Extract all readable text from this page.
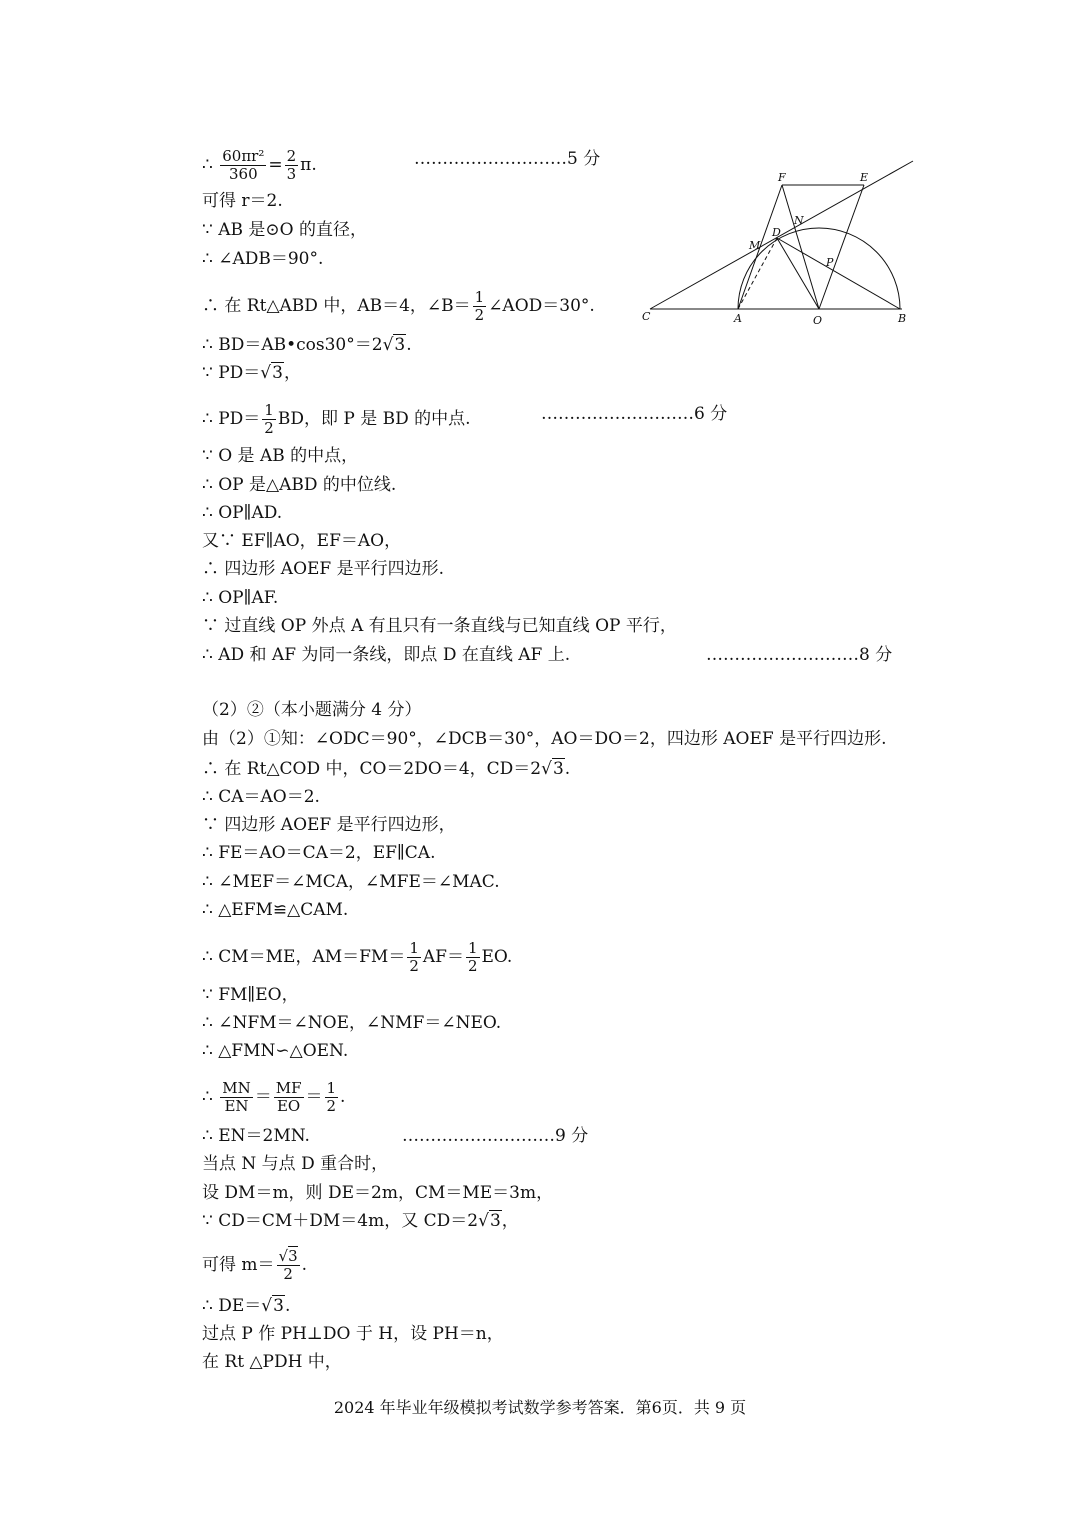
∴ $\frac{\text{60πr²}}{360} = \frac{2}{3} \pi$.	………………………5 分
可得 r＝2.
∵ AB 是⊙O 的直径，
∴ ∠ADB＝90°.
∴ 在 Rt△ABD 中，AB＝4，∠B＝ $\frac{1}{2}$ ∠AOD＝30°.
∴ BD＝AB•cos30°＝2√3.
∵ PD＝√3，
∴ $PD= \frac{1}{2}$ BD，即 P 是 BD 的中点.	………………………6 分
∵ O 是 AB 的中点，
∴ OP 是△ABD 的中位线.
∴ OP∥AD.
又∵ EF∥AO，EF＝AO，
∴ 四边形 AOEF 是平行四边形.
∴ OP∥AF.
∵ 过直线 OP 外点 A 有且只有一条直线与已知直线 OP 平行，
∴ AD 和 AF 为同一条线，即点 D 在直线 AF 上.	………………………8 分
（2）②（本小题满分 4 分）
由（2）①知：∠ODC＝90°，∠DCB＝30°，AO＝DO＝2，四边形 AOEF 是平行四边形.
∴ 在 Rt△COD 中，CO＝2DO＝4，CD＝2√3.
∴ CA＝AO＝2.
∵ 四边形 AOEF 是平行四边形，
∴ FE＝AO＝CA＝2，EF∥CA.
∴ ∠MEF＝∠MCA，∠MFE＝∠MAC.
∴ △EFM≌△CAM.
∴ CM＝ME，$AM=FM= \frac{1}{2} AF= \frac{1}{2}$ EO.
∵ FM∥EO，
∴ ∠NFM＝∠NOE，∠NMF＝∠NEO.
∴ △FMN∽△OEN.
∴ $\frac{MN}{EN} = \frac{MF}{EO} = \frac{1}{2}$ .
∴ EN＝2MN.	………………………9 分
当点 N 与点 D 重合时，
设 DM＝m，则 DE＝2m，CM＝ME＝3m，
∵ CD＝CM＋DM＝4m，又 CD＝2√3，
可得 $m= \frac{√3}{2}$ .
∴ DE＝√3.
过点 P 作 PH⊥DO 于 H，设 PH＝n，
在 Rt △PDH 中，
C	A	O	B
F	E
N
M
D
P
2024 年毕业年级模拟考试数学参考答案．第6页．共 9 页
